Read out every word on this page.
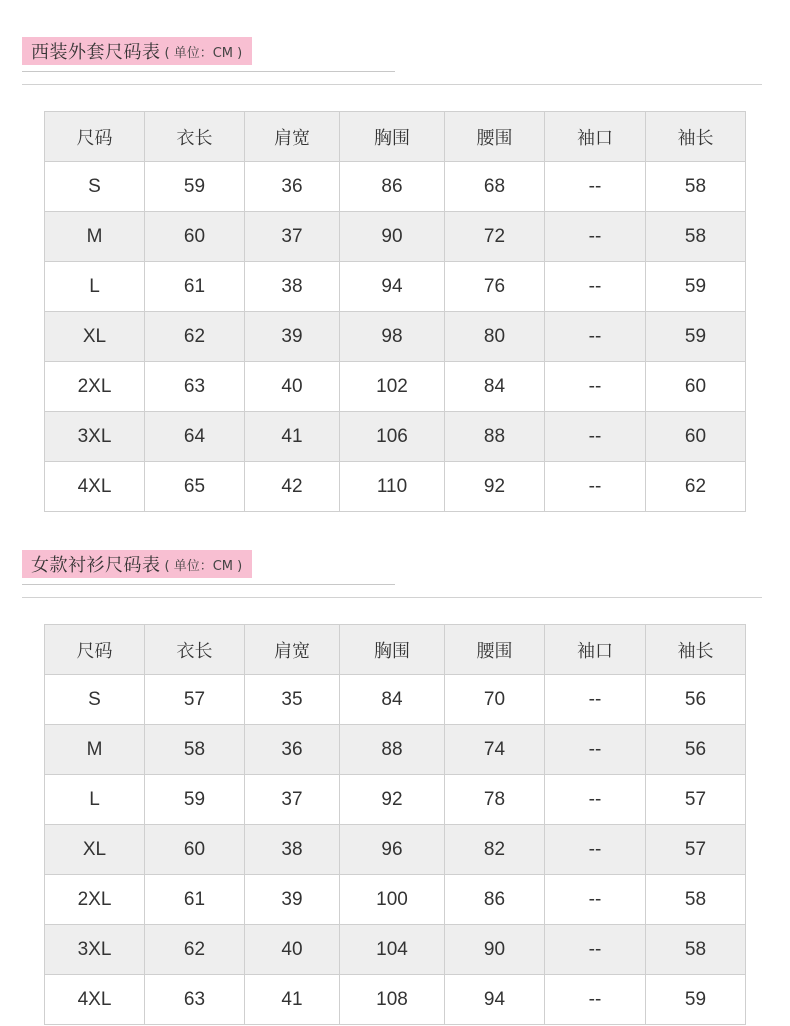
西装外套尺码表 ( 单位：CM )
尺码	衣长	肩宽	胸围	腰围	袖口	袖长
S	59	36	86	68	--	58
M	60	37	90	72	--	58
L	61	38	94	76	--	59
XL	62	39	98	80	--	59
2XL	63	40	102	84	--	60
3XL	64	41	106	88	--	60
4XL	65	42	110	92	--	62
女款衬衫尺码表 ( 单位：CM )
尺码	衣长	肩宽	胸围	腰围	袖口	袖长
S	57	35	84	70	--	56
M	58	36	88	74	--	56
L	59	37	92	78	--	57
XL	60	38	96	82	--	57
2XL	61	39	100	86	--	58
3XL	62	40	104	90	--	58
4XL	63	41	108	94	--	59
